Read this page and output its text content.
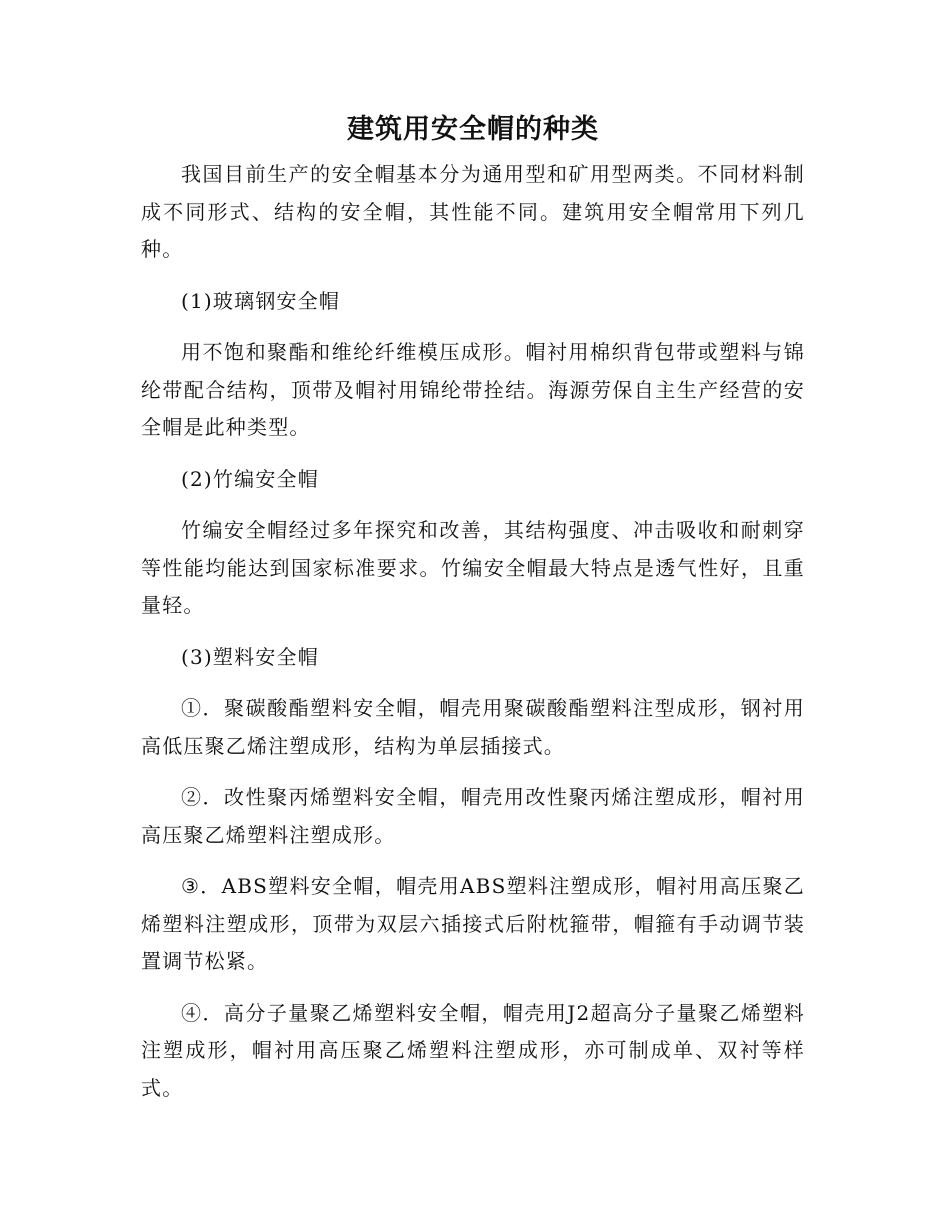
建筑用安全帽的种类

我国目前生产的安全帽基本分为通用型和矿用型两类。不同材料制成不同形式、结构的安全帽，其性能不同。建筑用安全帽常用下列几种。

(1)玻璃钢安全帽

用不饱和聚酯和维纶纤维模压成形。帽衬用棉织背包带或塑料与锦纶带配合结构，顶带及帽衬用锦纶带拴结。海源劳保自主生产经营的安全帽是此种类型。

(2)竹编安全帽

竹编安全帽经过多年探究和改善，其结构强度、冲击吸收和耐刺穿等性能均能达到国家标准要求。竹编安全帽最大特点是透气性好，且重量轻。

(3)塑料安全帽

①．聚碳酸酯塑料安全帽，帽壳用聚碳酸酯塑料注型成形，钢衬用高低压聚乙烯注塑成形，结构为单层插接式。

②．改性聚丙烯塑料安全帽，帽壳用改性聚丙烯注塑成形，帽衬用高压聚乙烯塑料注塑成形。

③．ABS塑料安全帽，帽壳用ABS塑料注塑成形，帽衬用高压聚乙烯塑料注塑成形，顶带为双层六插接式后附枕箍带，帽箍有手动调节装置调节松紧。

④．高分子量聚乙烯塑料安全帽，帽壳用J2超高分子量聚乙烯塑料注塑成形，帽衬用高压聚乙烯塑料注塑成形，亦可制成单、双衬等样式。
